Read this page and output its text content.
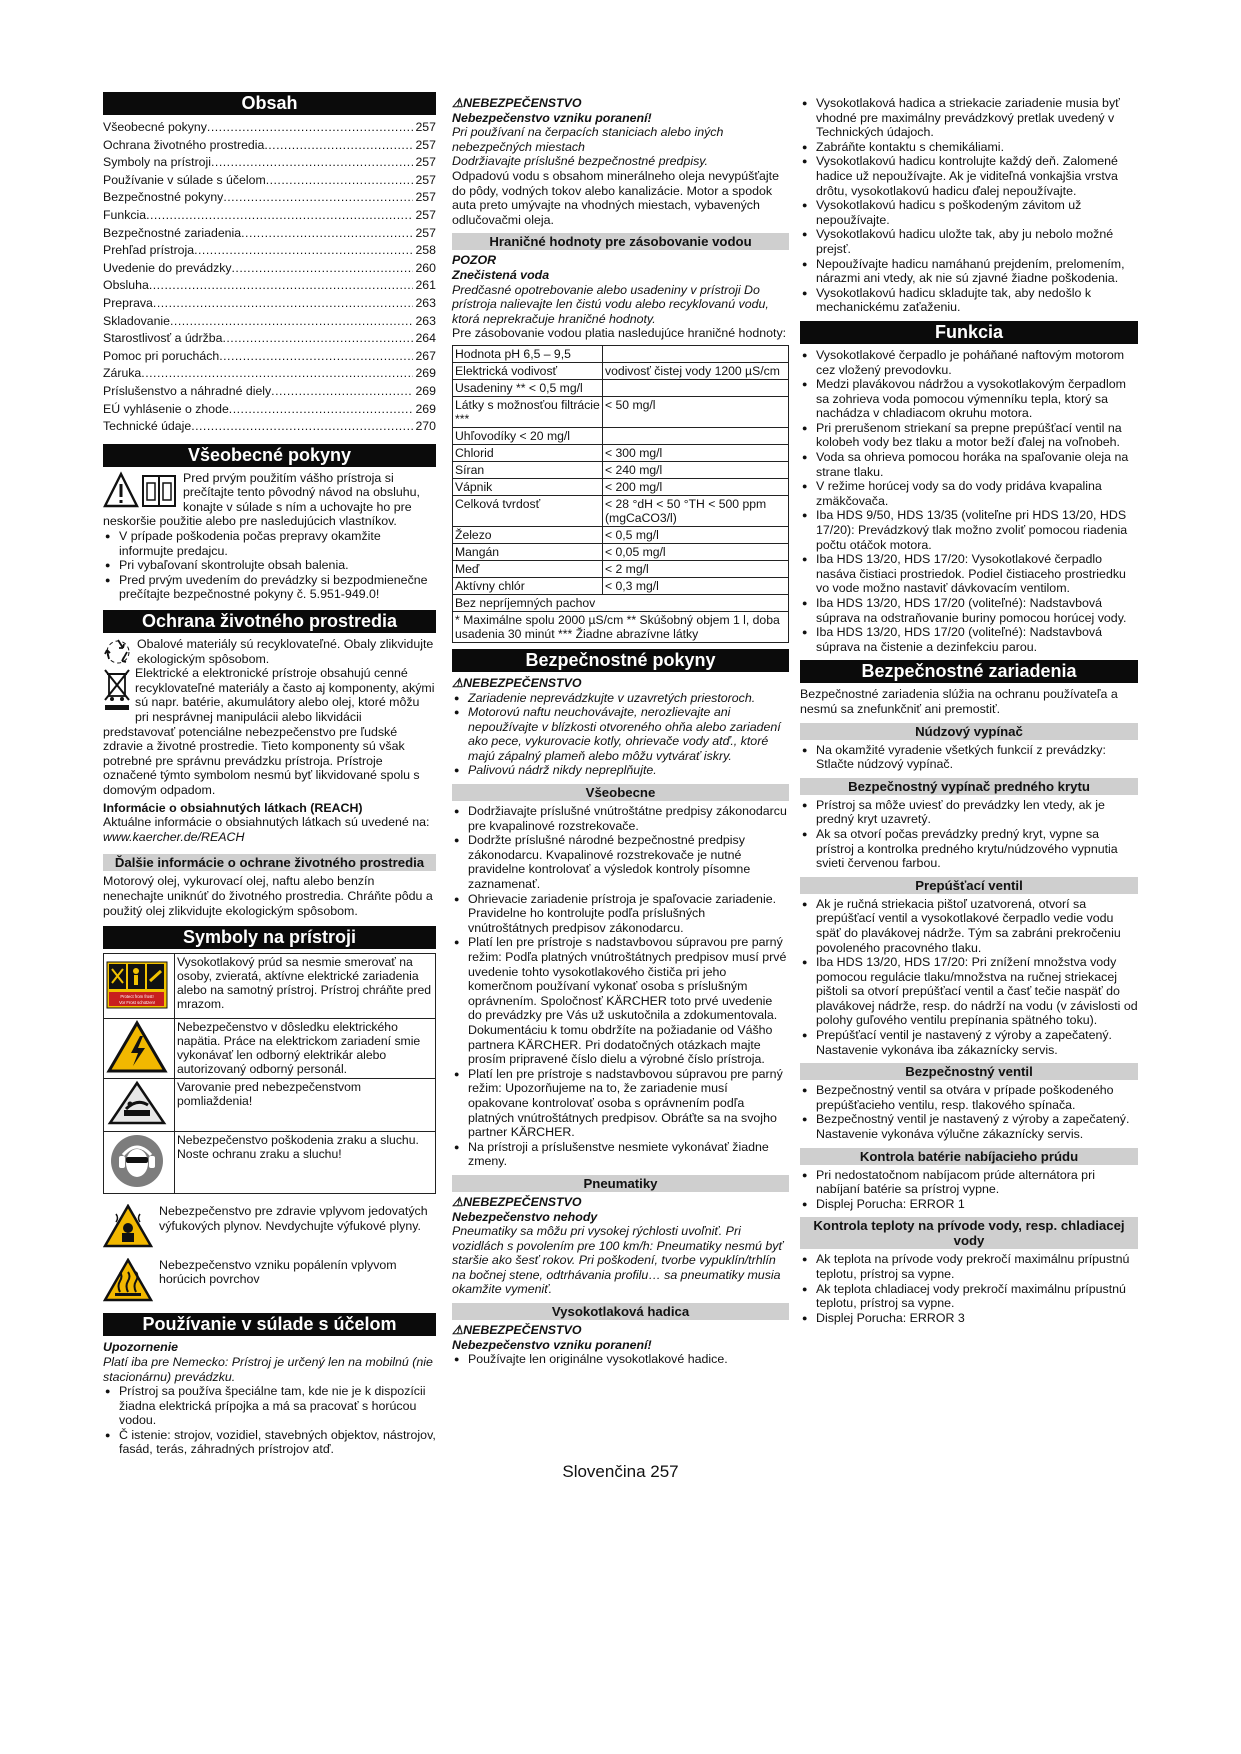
Obsah
Všeobecné pokyny .....	257
Ochrana životného prostredia .....	257
Symboly na prístroji .....	257
Používanie v súlade s účelom .....	257
Bezpečnostné pokyny .....	257
Funkcia .....	257
Bezpečnostné zariadenia .....	257
Prehľad prístroja .....	258
Uvedenie do prevádzky .....	260
Obsluha .....	261
Preprava .....	263
Skladovanie .....	263
Starostlivosť a údržba .....	264
Pomoc pri poruchách .....	267
Záruka .....	269
Príslušenstvo a náhradné diely .....	269
EÚ vyhlásenie o zhode .....	269
Technické údaje .....	270
Všeobecné pokyny
Pred prvým použitím vášho prístroja si prečítajte tento pôvodný návod na obsluhu, konajte v súlade s ním a uchovajte ho pre neskoršie použitie alebo pre nasledujúcich vlastníkov.
● V prípade poškodenia počas prepravy okamžite informujte predajcu.
● Pri vybaľovaní skontrolujte obsah balenia.
● Pred prvým uvedením do prevádzky si bezpodmienečne prečítajte bezpečnostné pokyny č. 5.951-949.0!
Ochrana životného prostredia
Obalové materiály sú recyklovateľné. Obaly zlikvidujte ekologickým spôsobom.
Elektrické a elektronické prístroje obsahujú cenné recyklovateľné materiály a často aj komponenty, akými sú napr. batérie, akumulátory alebo olej, ktoré môžu pri nesprávnej manipulácii alebo likvidácii predstavovať potenciálne nebezpečenstvo pre ľudské zdravie a životné prostredie. Tieto komponenty sú však potrebné pre správnu prevádzku prístroja. Prístroje označené týmto symbolom nesmú byť likvidované spolu s domovým odpadom.
Informácie o obsiahnutých látkach (REACH)
Aktuálne informácie o obsiahnutých látkach sú uvedené na: www.kaercher.de/REACH
Ďalšie informácie o ochrane životného prostredia
Motorový olej, vykurovací olej, naftu alebo benzín nenechajte uniknúť do životného prostredia. Chráňte pôdu a použitý olej zlikvidujte ekologickým spôsobom.
Symboly na prístroji
Protect from frost!
Vor Frost schützen!	Vysokotlakový prúd sa nesmie smerovať na osoby, zvieratá, aktívne elektrické zariadenia alebo na samotný prístroj. Prístroj chráňte pred mrazom.
	Nebezpečenstvo v dôsledku elektrického napätia. Práce na elektrickom zariadení smie vykonávať len odborný elektrikár alebo autorizovaný odborný personál.
	Varovanie pred nebezpečenstvom pomliaždenia!
	Nebezpečenstvo poškodenia zraku a sluchu. Noste ochranu zraku a sluchu!
Nebezpečenstvo pre zdravie vplyvom jedovatých výfukových plynov. Nevdychujte výfukové plyny.
Nebezpečenstvo vzniku popálenín vplyvom horúcich povrchov
Používanie v súlade s účelom
Upozornenie
Platí iba pre Nemecko: Prístroj je určený len na mobilnú (nie stacionárnu) prevádzku.
● Prístroj sa používa špeciálne tam, kde nie je k dispozícii žiadna elektrická prípojka a má sa pracovať s horúcou vodou.
● Č istenie: strojov, vozidiel, stavebných objektov, nástrojov, fasád, terás, záhradných prístrojov atď.
⚠NEBEZPEČENSTVO
Nebezpečenstvo vzniku poranení!
Pri používaní na čerpacích staniciach alebo iných nebezpečných miestach
Dodržiavajte príslušné bezpečnostné predpisy.
Odpadovú vodu s obsahom minerálneho oleja nevypúšťajte do pôdy, vodných tokov alebo kanalizácie. Motor a spodok auta preto umývajte na vhodných miestach, vybavených odlučovačmi oleja.
Hraničné hodnoty pre zásobovanie vodou
POZOR
Znečistená voda
Predčasné opotrebovanie alebo usadeniny v prístroji Do prístroja nalievajte len čistú vodu alebo recyklovanú vodu, ktorá neprekračuje hraničné hodnoty.
Pre zásobovanie vodou platia nasledujúce hraničné hodnoty:
Hodnota pH 6,5 – 9,5	
Elektrická vodivosť	vodivosť čistej vody 1200 µS/cm
Usadeniny ** < 0,5 mg/l	
Látky s možnosťou filtrácie ***	< 50 mg/l
Uhľovodíky < 20 mg/l	
Chlorid	< 300 mg/l
Síran	< 240 mg/l
Vápnik	< 200 mg/l
Celková tvrdosť	< 28 °dH < 50 °TH < 500 ppm (mgCaCO3/l)
Železo	< 0,5 mg/l
Mangán	< 0,05 mg/l
Meď	< 2 mg/l
Aktívny chlór	< 0,3 mg/l
Bez nepríjemných pachov	
* Maximálne spolu 2000 µS/cm ** Skúšobný objem 1 l, doba usadenia 30 minút *** Žiadne abrazívne látky	
Bezpečnostné pokyny
⚠NEBEZPEČENSTVO
● Zariadenie neprevádzkujte v uzavretých priestoroch.
● Motorovú naftu neuchovávajte, nerozlievajte ani nepoužívajte v blízkosti otvoreného ohňa alebo zariadení ako pece, vykurovacie kotly, ohrievače vody atď., ktoré majú zápalný plameň alebo môžu vytvárať iskry.
● Palivovú nádrž nikdy nepreplňujte.
Všeobecne
● Dodržiavajte príslušné vnútroštátne predpisy zákonodarcu pre kvapalinové rozstrekovače.
● Dodržte príslušné národné bezpečnostné predpisy zákonodarcu. Kvapalinové rozstrekovače je nutné pravidelne kontrolovať a výsledok kontroly písomne zaznamenať.
● Ohrievacie zariadenie prístroja je spaľovacie zariadenie. Pravidelne ho kontrolujte podľa príslušných vnútroštátnych predpisov zákonodarcu.
● Platí len pre prístroje s nadstavbovou súpravou pre parný režim: Podľa platných vnútroštátnych predpisov musí prvé uvedenie tohto vysokotlakového čističa pri jeho komerčnom používaní vykonať osoba s príslušným oprávnením. Spoločnosť KÄRCHER toto prvé uvedenie do prevádzky pre Vás už uskutočnila a zdokumentovala. Dokumentáciu k tomu obdržíte na požiadanie od Vášho partnera KÄRCHER. Pri dodatočných otázkach majte prosím pripravené číslo dielu a výrobné číslo prístroja.
● Platí len pre prístroje s nadstavbovou súpravou pre parný režim: Upozorňujeme na to, že zariadenie musí opakovane kontrolovať osoba s oprávnením podľa platných vnútroštátnych predpisov. Obráťte sa na svojho partner KÄRCHER.
● Na prístroji a príslušenstve nesmiete vykonávať žiadne zmeny.
Pneumatiky
⚠NEBEZPEČENSTVO
Nebezpečenstvo nehody
Pneumatiky sa môžu pri vysokej rýchlosti uvoľniť. Pri vozidlách s povolením pre 100 km/h: Pneumatiky nesmú byť staršie ako šesť rokov. Pri poškodení, tvorbe vypuklín/trhlín na bočnej stene, odtrhávania profilu… sa pneumatiky musia okamžite vymeniť.
Vysokotlaková hadica
⚠NEBEZPEČENSTVO
Nebezpečenstvo vzniku poranení!
● Používajte len originálne vysokotlakové hadice.
● Vysokotlaková hadica a striekacie zariadenie musia byť vhodné pre maximálny prevádzkový pretlak uvedený v Technických údajoch.
● Zabráňte kontaktu s chemikáliami.
● Vysokotlakovú hadicu kontrolujte každý deň. Zalomené hadice už nepoužívajte. Ak je viditeľná vonkajšia vrstva drôtu, vysokotlakovú hadicu ďalej nepoužívajte.
● Vysokotlakovú hadicu s poškodeným závitom už nepoužívajte.
● Vysokotlakovú hadicu uložte tak, aby ju nebolo možné prejsť.
● Nepoužívajte hadicu namáhanú prejdením, prelomením, nárazmi ani vtedy, ak nie sú zjavné žiadne poškodenia.
● Vysokotlakovú hadicu skladujte tak, aby nedošlo k mechanickému zaťaženiu.
Funkcia
● Vysokotlakové čerpadlo je poháňané naftovým motorom cez vložený prevodovku.
● Medzi plavákovou nádržou a vysokotlakovým čerpadlom sa zohrieva voda pomocou výmenníku tepla, ktorý sa nachádza v chladiacom okruhu motora.
● Pri prerušenom striekaní sa prepne prepúšťací ventil na kolobeh vody bez tlaku a motor beží ďalej na voľnobeh.
● Voda sa ohrieva pomocou horáka na spaľovanie oleja na strane tlaku.
● V režime horúcej vody sa do vody pridáva kvapalina zmäkčovača.
● Iba HDS 9/50, HDS 13/35 (voliteľne pri HDS 13/20, HDS 17/20): Prevádzkový tlak možno zvoliť pomocou riadenia počtu otáčok motora.
● Iba HDS 13/20, HDS 17/20: Vysokotlakové čerpadlo nasáva čistiaci prostriedok. Podiel čistiaceho prostriedku vo vode možno nastaviť dávkovacím ventilom.
● Iba HDS 13/20, HDS 17/20 (voliteľné): Nadstavbová súprava na odstraňovanie buriny pomocou horúcej vody.
● Iba HDS 13/20, HDS 17/20 (voliteľné): Nadstavbová súprava na čistenie a dezinfekciu parou.
Bezpečnostné zariadenia
Bezpečnostné zariadenia slúžia na ochranu používateľa a nesmú sa znefunkčniť ani premostiť.
Núdzový vypínač
● Na okamžité vyradenie všetkých funkcií z prevádzky: Stlačte núdzový vypínač.
Bezpečnostný vypínač predného krytu
● Prístroj sa môže uviesť do prevádzky len vtedy, ak je predný kryt uzavretý.
● Ak sa otvorí počas prevádzky predný kryt, vypne sa prístroj a kontrolka predného krytu/núdzového vypnutia svieti červenou farbou.
Prepúšťací ventil
● Ak je ručná striekacia pištoľ uzatvorená, otvorí sa prepúšťací ventil a vysokotlakové čerpadlo vedie vodu späť do plavákovej nádrže. Tým sa zabráni prekročeniu povoleného pracovného tlaku.
● Iba HDS 13/20, HDS 17/20: Pri znížení množstva vody pomocou regulácie tlaku/množstva na ručnej striekacej pištoli sa otvorí prepúšťací ventil a časť tečie naspäť do plavákovej nádrže, resp. do nádrží na vodu (v závislosti od polohy guľového ventilu prepínania spätného toku).
● Prepúšťací ventil je nastavený z výroby a zapečatený. Nastavenie vykonáva iba zákaznícky servis.
Bezpečnostný ventil
● Bezpečnostný ventil sa otvára v prípade poškodeného prepúšťacieho ventilu, resp. tlakového spínača.
● Bezpečnostný ventil je nastavený z výroby a zapečatený. Nastavenie vykonáva výlučne zákaznícky servis.
Kontrola batérie nabíjacieho prúdu
● Pri nedostatočnom nabíjacom prúde alternátora pri nabíjaní batérie sa prístroj vypne.
● Displej Porucha: ERROR 1
Kontrola teploty na prívode vody, resp. chladiacej vody
● Ak teplota na prívode vody prekročí maximálnu prípustnú teplotu, prístroj sa vypne.
● Ak teplota chladiacej vody prekročí maximálnu prípustnú teplotu, prístroj sa vypne.
● Displej Porucha: ERROR 3
Slovenčina 257
